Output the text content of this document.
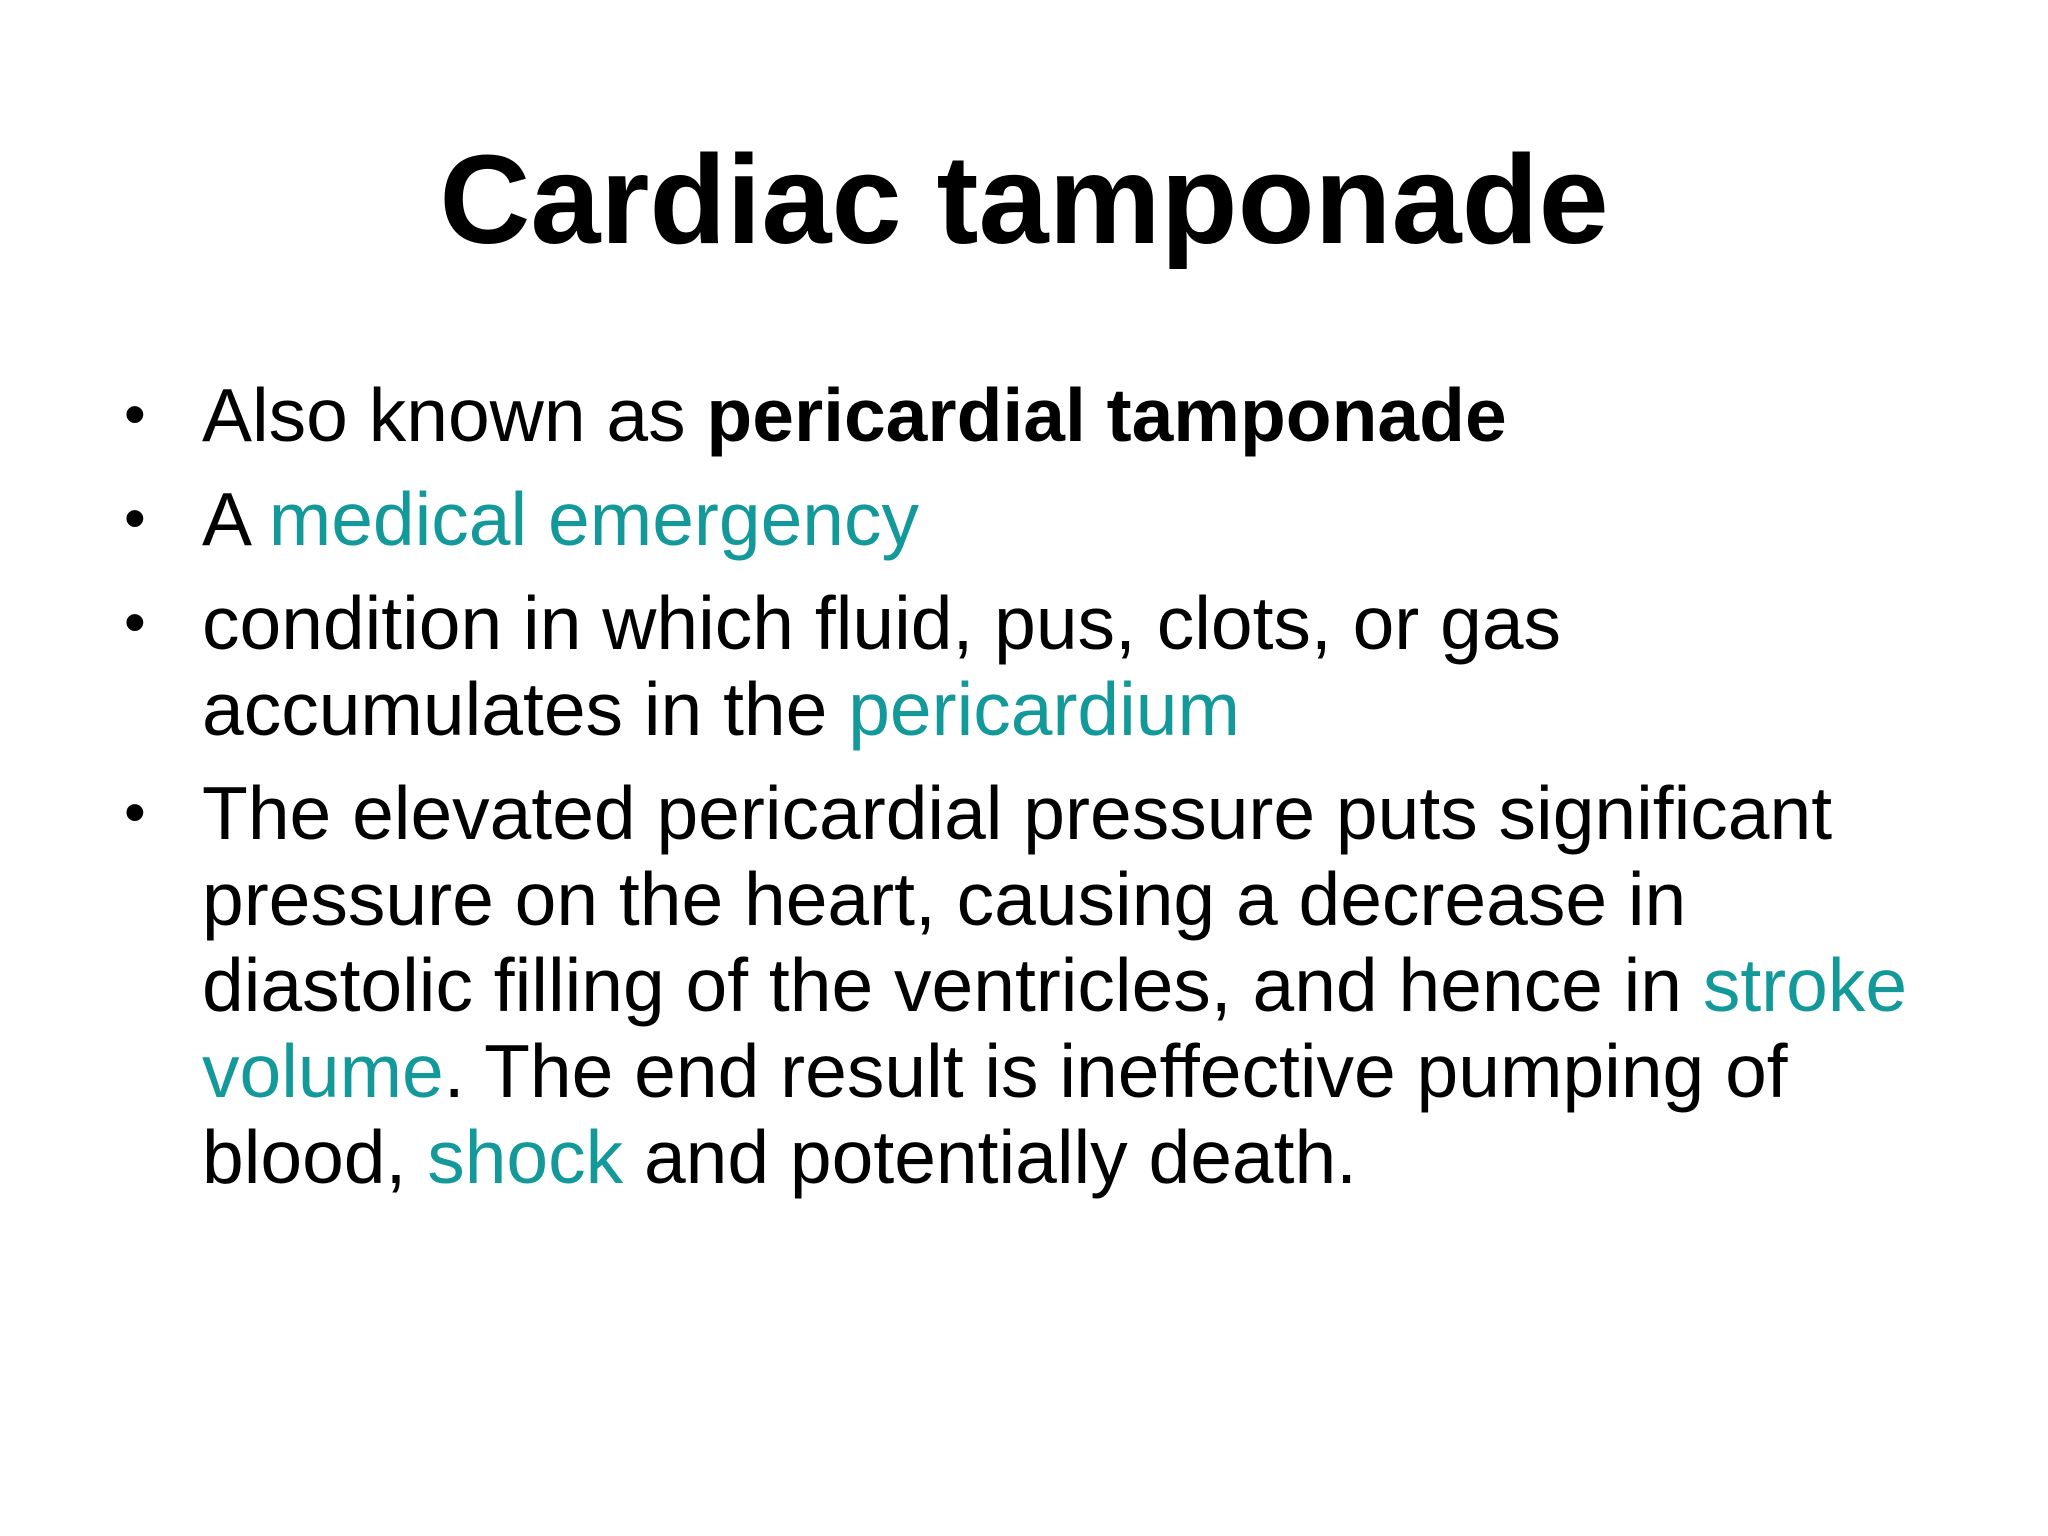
Cardiac tamponade
• Also known as pericardial tamponade
• A medical emergency
• condition in which fluid, pus, clots, or gas accumulates in the pericardium
• The elevated pericardial pressure puts significant pressure on the heart, causing a decrease in diastolic filling of the ventricles, and hence in stroke volume. The end result is ineffective pumping of blood, shock and potentially death.
